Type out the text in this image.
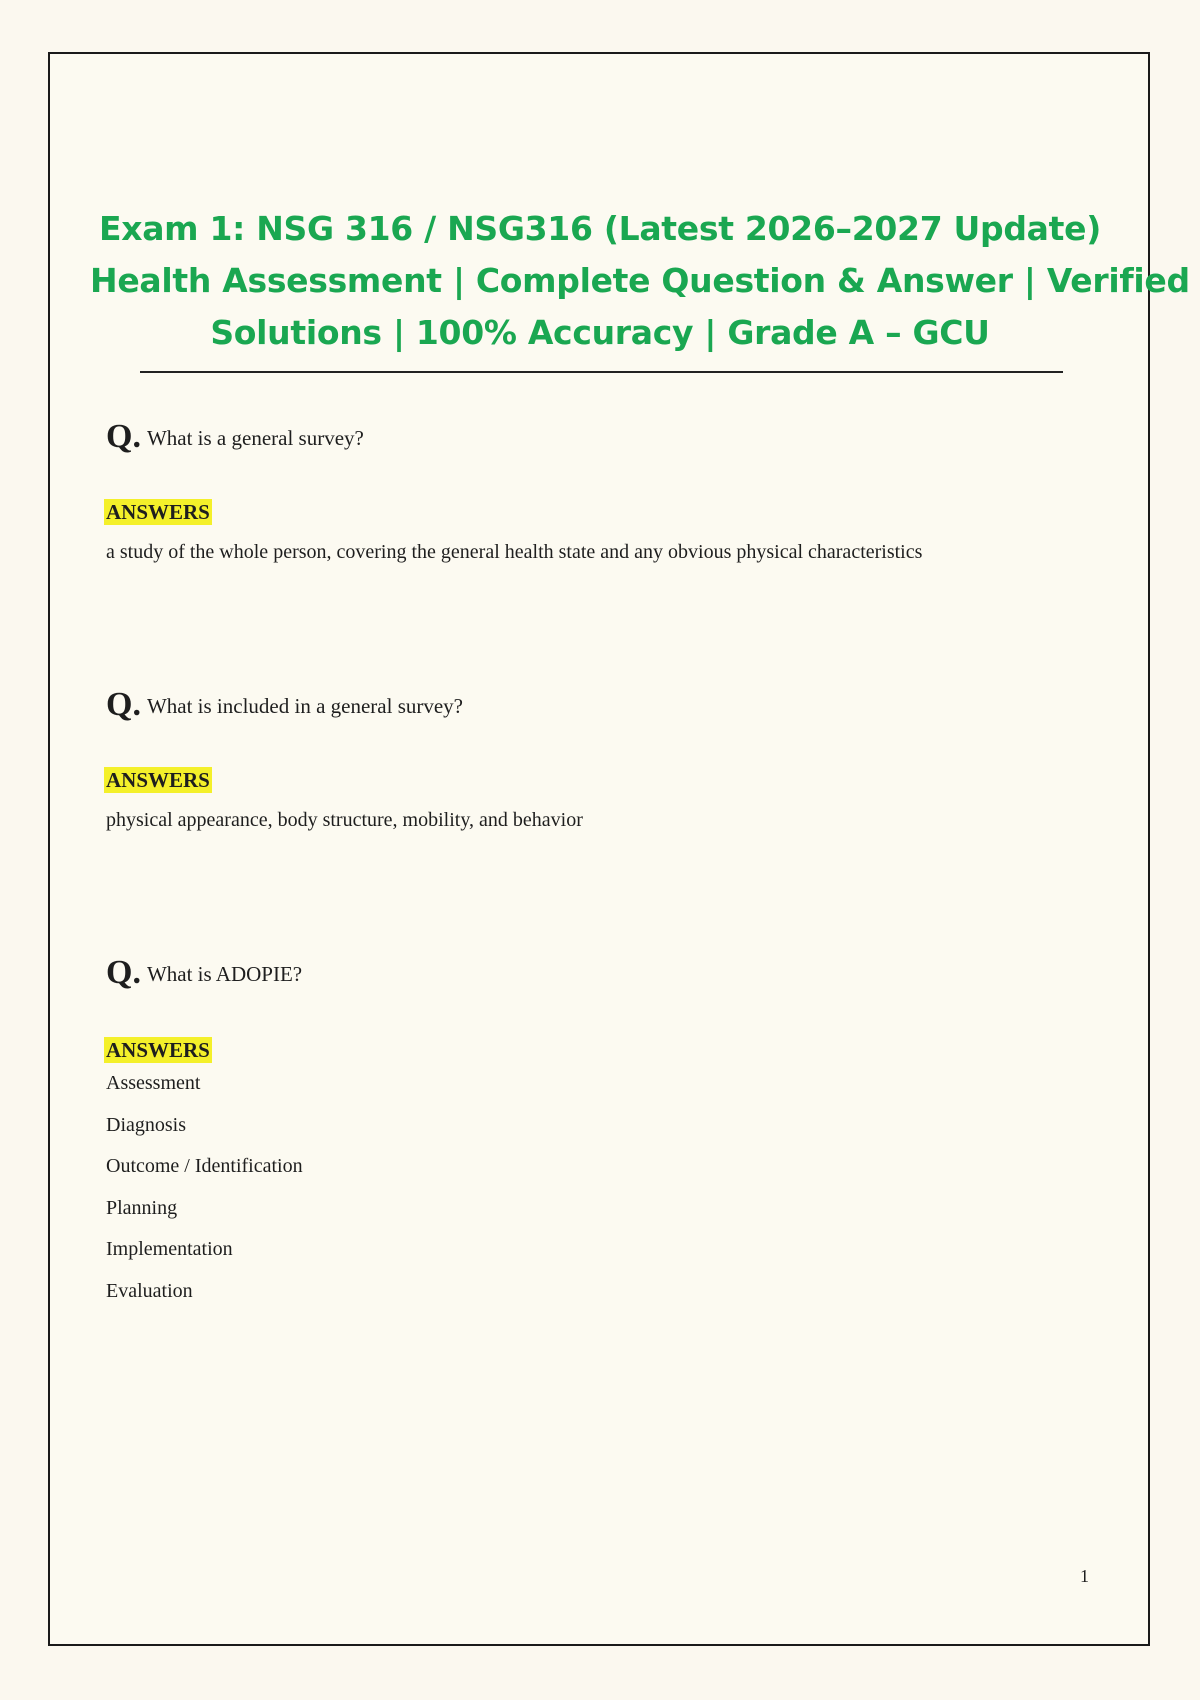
Exam 1: NSG 316 / NSG316 (Latest 2026–2027 Update)
Health Assessment | Complete Question & Answer | Verified
Solutions | 100% Accuracy | Grade A – GCU
Q. What is a general survey?
ANSWERS
a study of the whole person, covering the general health state and any obvious physical characteristics
Q. What is included in a general survey?
ANSWERS
physical appearance, body structure, mobility, and behavior
Q. What is ADOPIE?
ANSWERS
Assessment
Diagnosis
Outcome / Identification
Planning
Implementation
Evaluation
1
